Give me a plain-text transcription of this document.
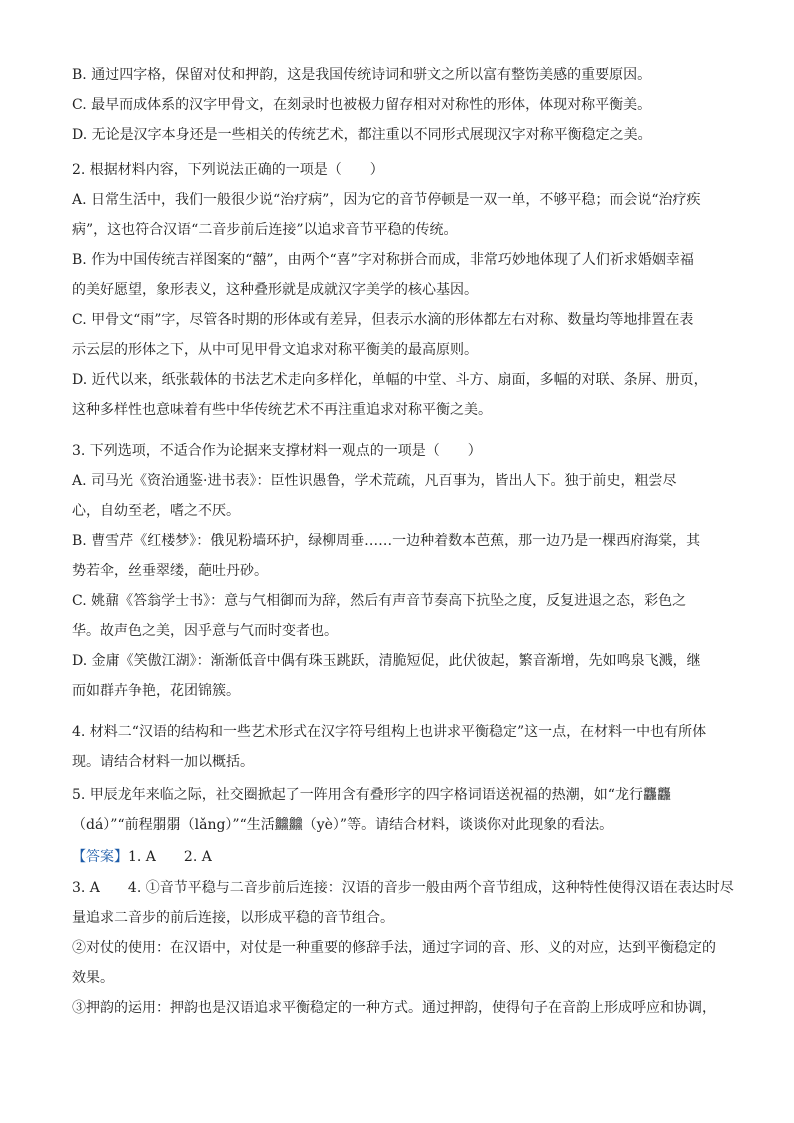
B. 通过四字格，保留对仗和押韵，这是我国传统诗词和骈文之所以富有整饬美感的重要原因。
C. 最早而成体系的汉字甲骨文，在刻录时也被极力留存相对对称性的形体，体现对称平衡美。
D. 无论是汉字本身还是一些相关的传统艺术，都注重以不同形式展现汉字对称平衡稳定之美。
2. 根据材料内容，下列说法正确的一项是（　　）
A. 日常生活中，我们一般很少说“治疗病”，因为它的音节停顿是一双一单，不够平稳；而会说“治疗疾
病”，这也符合汉语“二音步前后连接”以追求音节平稳的传统。
B. 作为中国传统吉祥图案的“囍”，由两个“喜”字对称拼合而成，非常巧妙地体现了人们祈求婚姻幸福
的美好愿望，象形表义，这种叠形就是成就汉字美学的核心基因。
C. 甲骨文“雨”字，尽管各时期的形体或有差异，但表示水滴的形体都左右对称、数量均等地排置在表
示云层的形体之下，从中可见甲骨文追求对称平衡美的最高原则。
D. 近代以来，纸张载体的书法艺术走向多样化，单幅的中堂、斗方、扇面，多幅的对联、条屏、册页，
这种多样性也意味着有些中华传统艺术不再注重追求对称平衡之美。
3. 下列选项，不适合作为论据来支撑材料一观点的一项是（　　）
A. 司马光《资治通鉴·进书表》：臣性识愚鲁，学术荒疏，凡百事为，皆出人下。独于前史，粗尝尽
心，自幼至老，嗜之不厌。
B. 曹雪芹《红楼梦》：俄见粉墙环护，绿柳周垂……一边种着数本芭蕉，那一边乃是一棵西府海棠，其
势若伞，丝垂翠缕，葩吐丹砂。
C. 姚鼐《答翁学士书》：意与气相御而为辞，然后有声音节奏高下抗坠之度，反复进退之态，彩色之
华。故声色之美，因乎意与气而时变者也。
D. 金庸《笑傲江湖》：渐渐低音中偶有珠玉跳跃，清脆短促，此伏彼起，繁音渐增，先如鸣泉飞溅，继
而如群卉争艳，花团锦簇。
4. 材料二“汉语的结构和一些艺术形式在汉字符号组构上也讲求平衡稳定”这一点，在材料一中也有所体
现。请结合材料一加以概括。
5. 甲辰龙年来临之际，社交圈掀起了一阵用含有叠形字的四字格词语送祝福的热潮，如“龙行龘龘
（dá）”“前程朤朤（lǎng）”“生活䲜䲜（yè）”等。请结合材料，谈谈你对此现象的看法。
【答案】1. A　　2. A
3. A　　4. ①音节平稳与二音步前后连接：汉语的音步一般由两个音节组成，这种特性使得汉语在表达时尽
量追求二音步的前后连接，以形成平稳的音节组合。
②对仗的使用：在汉语中，对仗是一种重要的修辞手法，通过字词的音、形、义的对应，达到平衡稳定的
效果。
③押韵的运用：押韵也是汉语追求平衡稳定的一种方式。通过押韵，使得句子在音韵上形成呼应和协调，
